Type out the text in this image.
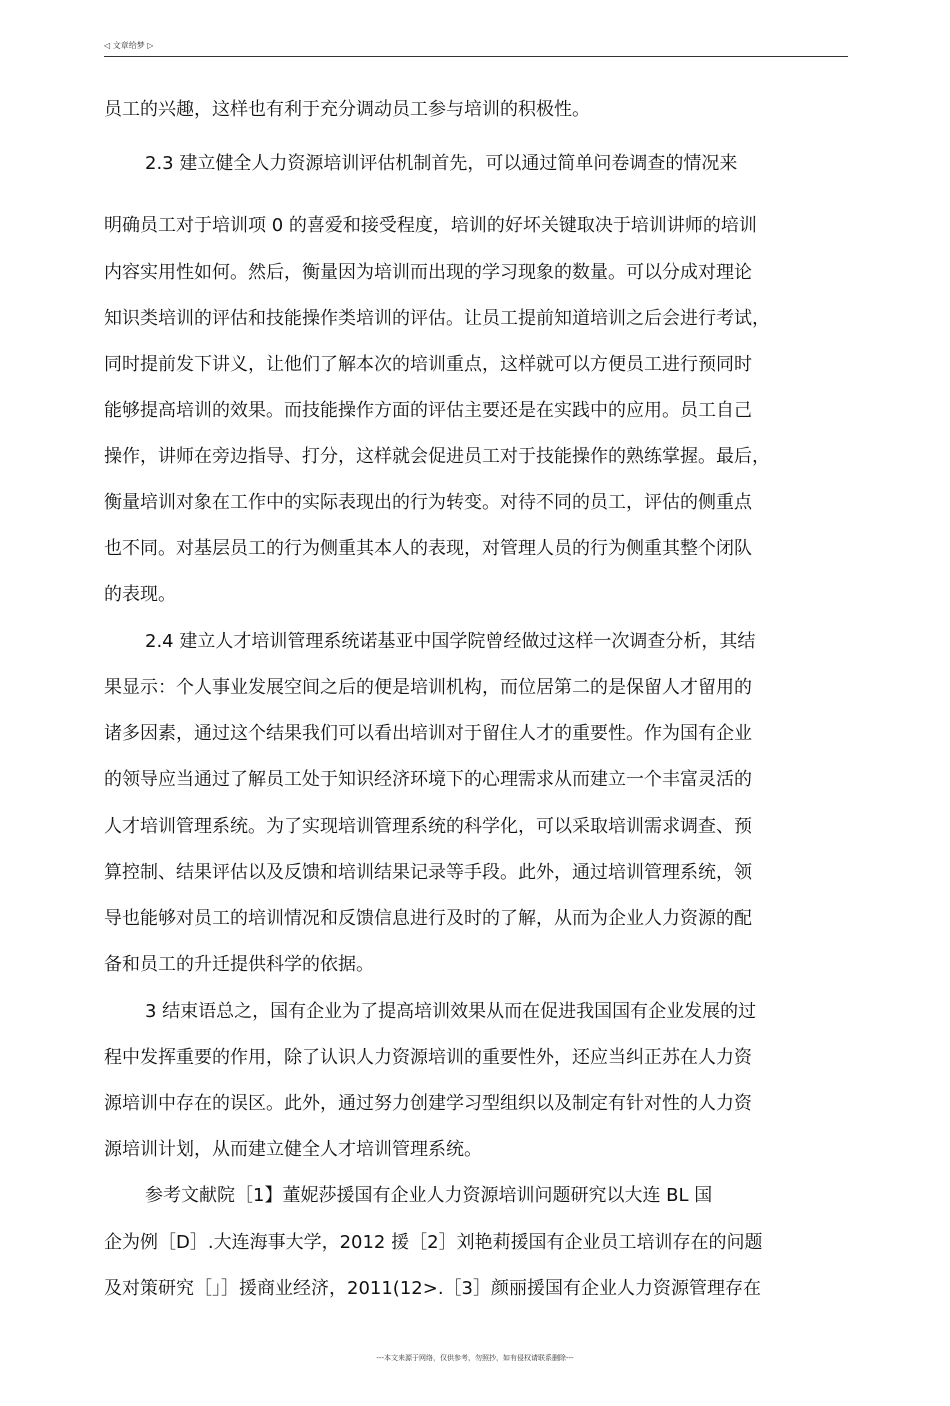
◁ 文章给梦 ▷
员工的兴趣，这样也有利于充分调动员工参与培训的积极性。
2.3 建立健全人力资源培训评估机制首先，可以通过简单问卷调查的情况来
明确员工对于培训项 0 的喜爱和接受程度，培训的好坏关键取决于培训讲师的培训
内容实用性如何。然后，衡量因为培训而出现的学习现象的数量。可以分成对理论
知识类培训的评估和技能操作类培训的评估。让员工提前知道培训之后会进行考试，
同时提前发下讲义，让他们了解本次的培训重点，这样就可以方便员工进行预同时
能够提高培训的效果。而技能操作方面的评估主要还是在实践中的应用。员工自己
操作，讲师在旁边指导、打分，这样就会促进员工对于技能操作的熟练掌握。最后，
衡量培训对象在工作中的实际表现出的行为转变。对待不同的员工，评估的侧重点
也不同。对基层员工的行为侧重其本人的表现，对管理人员的行为侧重其整个闭队
的表现。
2.4 建立人才培训管理系统诺基亚中国学院曾经做过这样一次调查分析，其结
果显示：个人事业发展空间之后的便是培训机构，而位居第二的是保留人才留用的
诸多因素，通过这个结果我们可以看出培训对于留住人才的重要性。作为国有企业
的领导应当通过了解员工处于知识经济环境下的心理需求从而建立一个丰富灵活的
人才培训管理系统。为了实现培训管理系统的科学化，可以采取培训需求调查、预
算控制、结果评估以及反馈和培训结果记录等手段。此外，通过培训管理系统，领
导也能够对员工的培训情况和反馈信息进行及时的了解，从而为企业人力资源的配
备和员工的升迁提供科学的依据。
3 结束语总之，国有企业为了提高培训效果从而在促进我国国有企业发展的过
程中发挥重要的作用，除了认识人力资源培训的重要性外，还应当纠正苏在人力资
源培训中存在的误区。此外，通过努力创建学习型组织以及制定有针对性的人力资
源培训计划，从而建立健全人才培训管理系统。
参考文献院［1】董妮莎援国有企业人力资源培训问题研究以大连 BL 国
企为例［D］.大连海事大学，2012 援［2］刘艳莉援国有企业员工培训存在的问题
及对策研究［」］援商业经济，2011(12>.［3］颜丽援国有企业人力资源管理存在
---本文来源于网络，仅供参考，勿照抄，如有侵权请联系删除---
